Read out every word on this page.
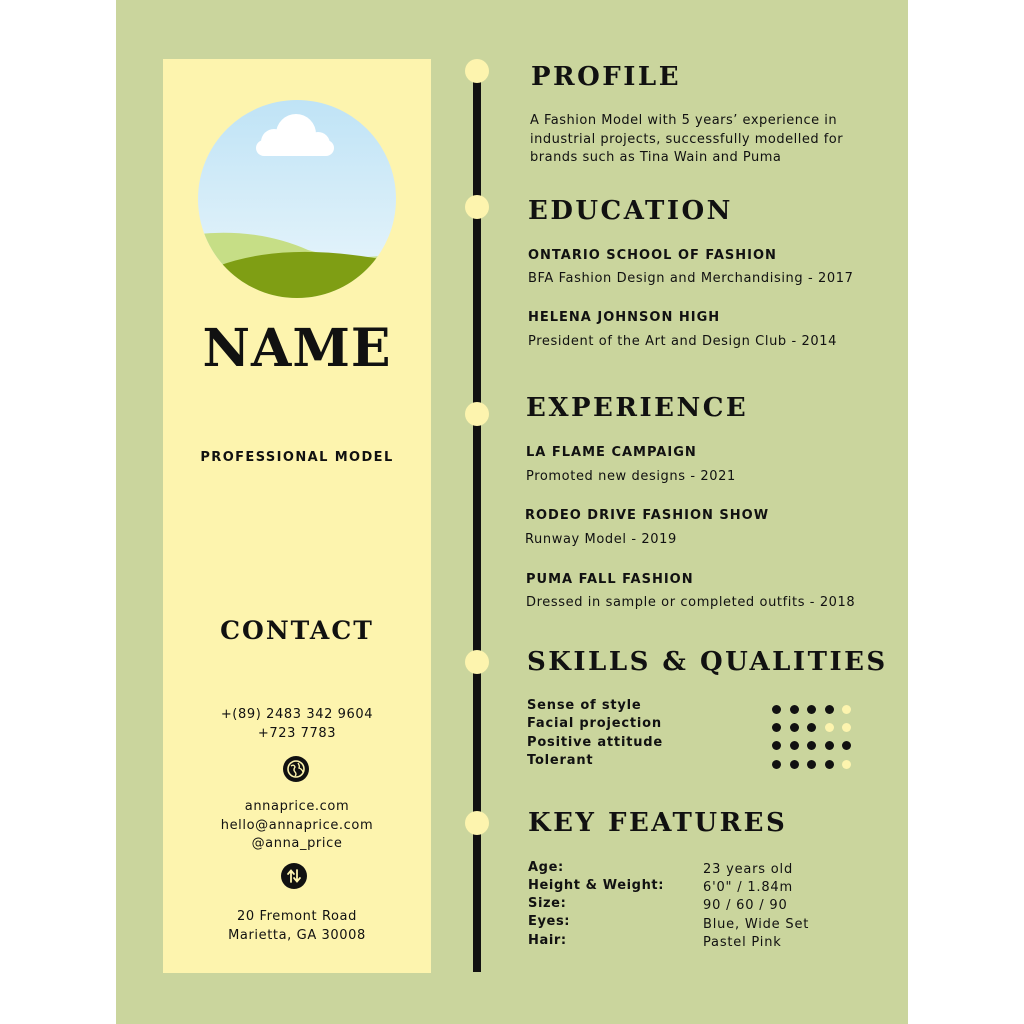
NAME
PROFESSIONAL MODEL
CONTACT
+(89) 2483 342 9604
+723 7783
annaprice.com
hello@annaprice.com
@anna_price
20 Fremont Road
Marietta, GA 30008
PROFILE
A Fashion Model with 5 years’ experience in
industrial projects, successfully modelled for
brands such as Tina Wain and Puma
EDUCATION
ONTARIO SCHOOL OF FASHION
BFA Fashion Design and Merchandising - 2017
HELENA JOHNSON HIGH
President of the Art and Design Club - 2014
EXPERIENCE
LA FLAME CAMPAIGN
Promoted new designs - 2021
RODEO DRIVE FASHION SHOW
Runway Model - 2019
PUMA FALL FASHION
Dressed in sample or completed outfits - 2018
SKILLS & QUALITIES
Sense of style
Facial projection
Positive attitude
Tolerant
KEY FEATURES
Age:
Height & Weight:
Size:
Eyes:
Hair:
23 years old
6'0" / 1.84m
90 / 60 / 90
Blue, Wide Set
Pastel Pink
